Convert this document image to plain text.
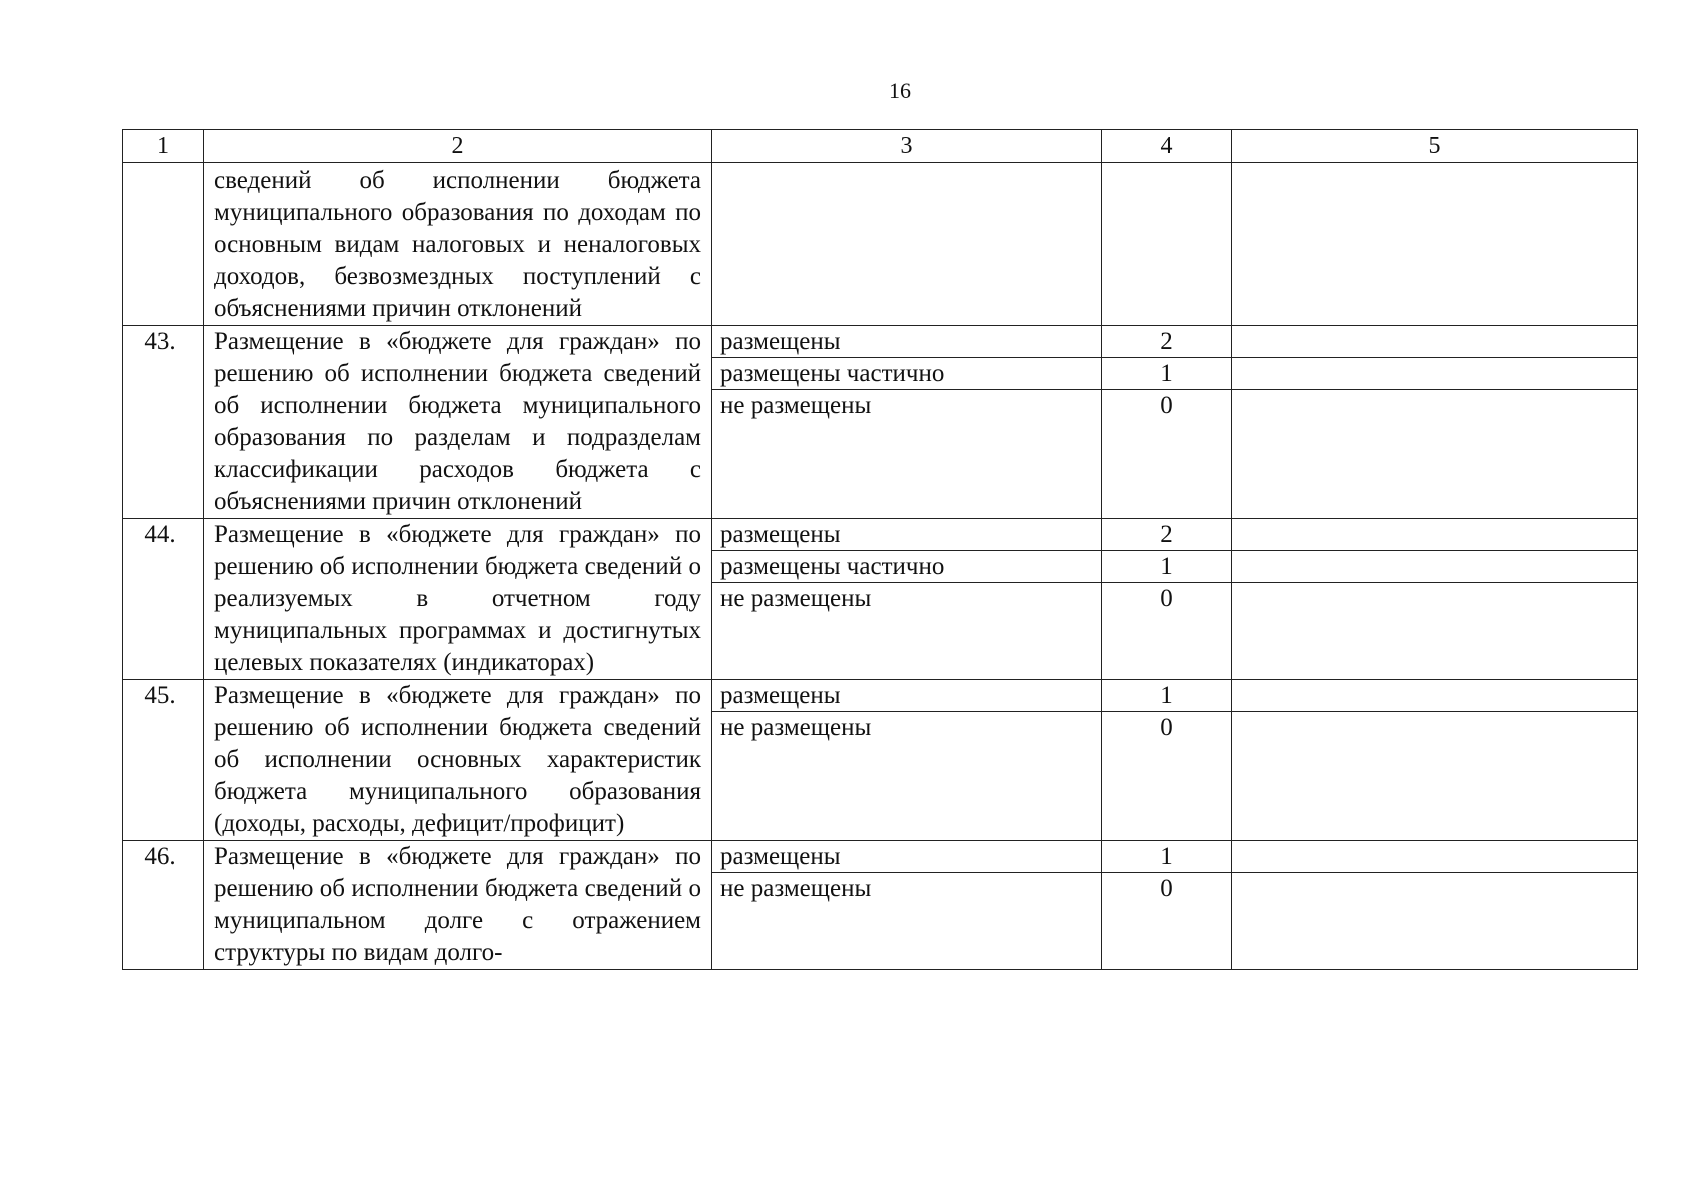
16
1	2	3	4	5
	сведений об исполнении бюджета муниципального образования по доходам по основным видам налоговых и неналоговых доходов, безвозмездных поступлений с объяснениями причин отклонений			
43.	Размещение в «бюджете для граждан» по решению об исполнении бюджета сведений об исполнении бюджета муниципального образования по разделам и подразделам классификации расходов бюджета с объяснениями причин отклонений	размещены	2	
		размещены частично	1	
		не размещены	0	
44.	Размещение в «бюджете для граждан» по решению об исполнении бюджета сведений о реализуемых в отчетном году муниципальных программах и достигнутых целевых показателях (индикаторах)	размещены	2	
		размещены частично	1	
		не размещены	0	
45.	Размещение в «бюджете для граждан» по решению об исполнении бюджета сведений об исполнении основных характеристик бюджета муниципального образования (доходы, расходы, дефицит/профицит)	размещены	1	
		не размещены	0	
46.	Размещение в «бюджете для граждан» по решению об исполнении бюджета сведений о муниципальном долге с отражением структуры по видам долго-	размещены	1	
		не размещены	0	
